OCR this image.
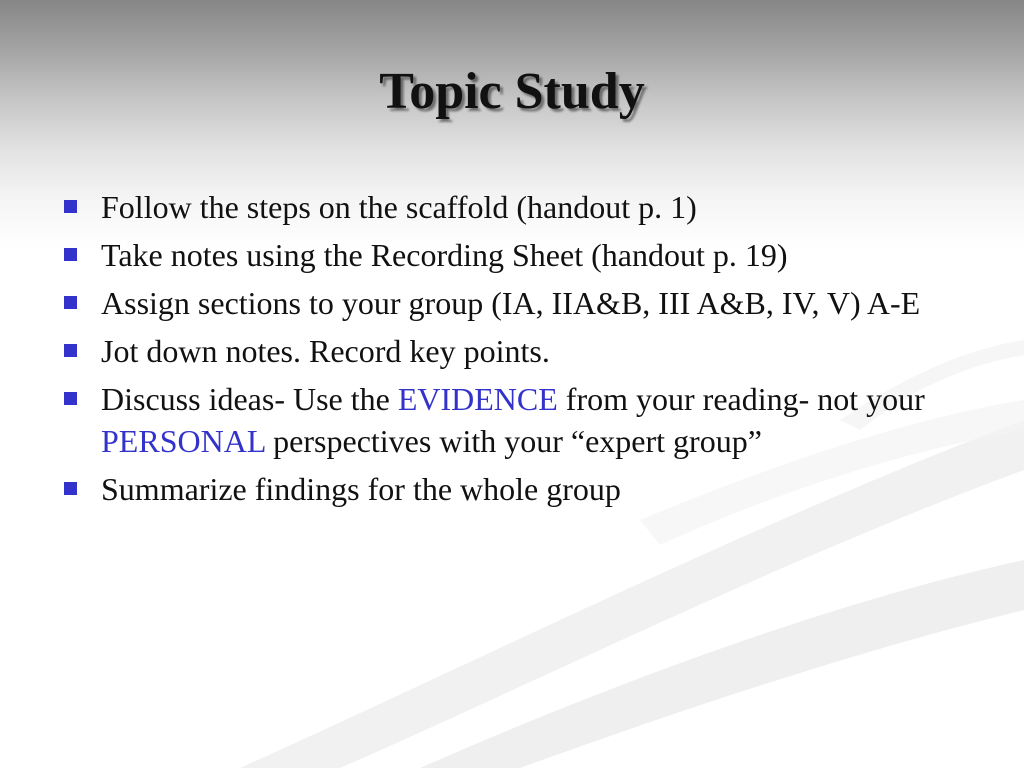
Topic Study
Follow the steps on the scaffold (handout p. 1)
Take notes using the Recording Sheet (handout p. 19)
Assign sections to your group (IA, IIA&B, III A&B, IV, V) A-E
Jot down notes. Record key points.
Discuss ideas- Use the EVIDENCE from your reading- not your PERSONAL perspectives with your “expert group”
Summarize findings for the whole group
